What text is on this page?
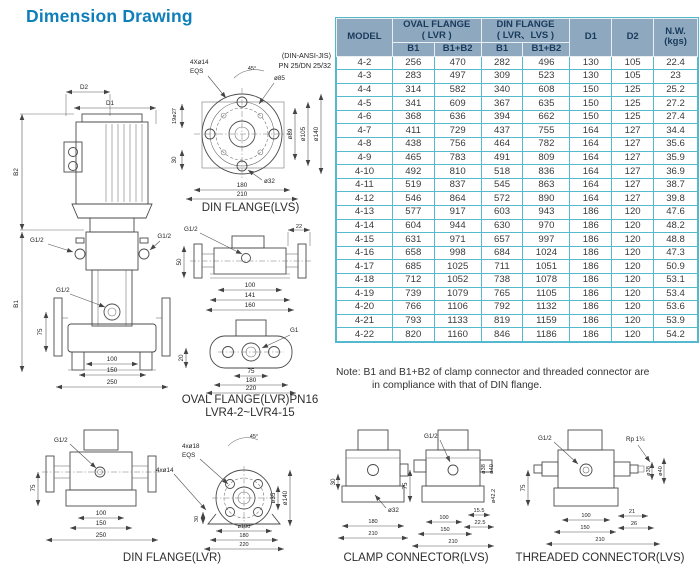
Dimension Drawing
D2
D1
B2
G1/2
G1/2
G1/2
B1
75
100
150
250
(DIN-ANSI-JIS)
PN 25/DN 25/32
4Xø14
EQS	45°
ø85
ø89 ø105 ø140
19ø27
30
ø32
180
210
DIN FLANGE(LVS)
G1/2	22
50
100
141
160
G1
20
75
180
220
OVAL FLANGE(LVR)PN16
LVR4-2~LVR4-15
MODEL	
OVAL FLANGE
( LVR )

DIN FLANGE
( LVR、LVS )	D1	D2	N.W.
(kgs)

	B1	B1+B2	B1	B1+B2			
4-2	256	470	282	496	130	105	22.4
4-3	283	497	309	523	130	105	23
4-4	314	582	340	608	150	125	25.2
4-5	341	609	367	635	150	125	27.2
4-6	368	636	394	662	150	125	27.4
4-7	411	729	437	755	164	127	34.4
4-8	438	756	464	782	164	127	35.6
4-9	465	783	491	809	164	127	35.9
4-10	492	810	518	836	164	127	36.9
4-11	519	837	545	863	164	127	38.7
4-12	546	864	572	890	164	127	39.8
4-13	577	917	603	943	186	120	47.6
4-14	604	944	630	970	186	120	48.2
4-15	631	971	657	997	186	120	48.8
4-16	658	998	684	1024	186	120	47.3
4-17	685	1025	711	1051	186	120	50.9
4-18	712	1052	738	1078	186	120	53.1
4-19	739	1079	765	1105	186	120	53.4
4-20	766	1106	792	1132	186	120	53.6
4-21	793	1133	819	1159	186	120	53.9
4-22	820	1160	846	1186	186	120	54.2
Note: B1 and B1+B2 of clamp connector and threaded connector are
in compliance with that of DIN flange.
G1/2
75
100
150
250
45°
4xø18
EQS
4xø14
ø35 ø140
30
ø100
180
220
DIN FLANGE(LVR)
30
ø32
180
210
G1/2
75
ø38 ø40
ø42.2
15.5
22.5
100
150
210
CLAMP CONNECTOR(LVS)
G1/2	Rp 1¼
75
ø38 ø40
21
26
100
150
210
THREADED CONNECTOR(LVS)
